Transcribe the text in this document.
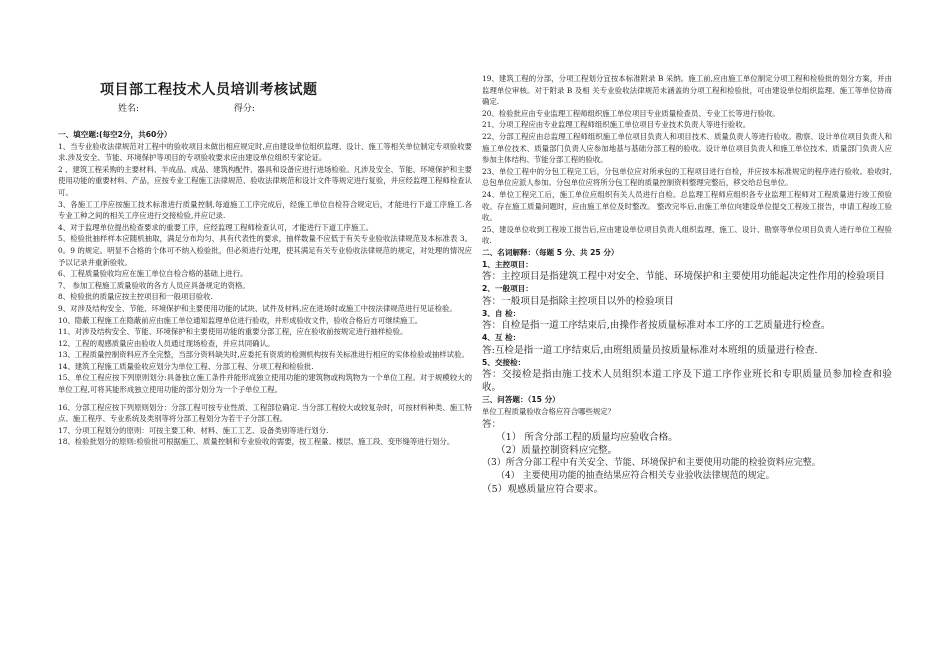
项目部工程技术人员培训考核试题
姓名:	得分:

一、填空题:(每空2分，共60分）

1、当专业验收法律规范对工程中的验收项目未做出相应规定时,应由建设单位组织监理、设计、施工等相关单位制定专项验收要求.涉及安全、节能、环境保护等项目的专项验收要求应由建设单位组织专家论证。

2 、建筑工程采购的主要材料、半成品、成品、建筑构配件、器具和设备应进行进场检验。凡涉及安全、节能、环境保护和主要使用功能的重要材料、产品，应按专业工程施工法律规范、验收法律规范和设计文件等规定进行复验，并应经监理工程师检查认可。

3、各施工工序应按施工技术标准进行质量控制,每道施工工序完成后，经施工单位自检符合规定后，才能进行下道工序施工.各专业工种之间的相关工序应进行交接检验,并应记录.

4、对于监理单位提出检查要求的重要工序，应经监理工程师检查认可，才能进行下道工序施工。

5、检验批抽样样本应随机抽取，满足分布均匀、具有代表性的要求，抽样数量不应低于有关专业验收法律规范及本标准表 3。0。9 的规定。明显不合格的个体可不纳入检验批，但必须进行处理，使其满足有关专业验收法律规范的规定，对处理的情况应予以记录并重新验收。

6、工程质量验收均应在施工单位自检合格的基础上进行。

7、 参加工程施工质量验收的各方人员应具备规定的资格。

8、检验批的质量应按主控项目和一般项目验收.

9、对涉及结构安全、节能、环境保护和主要使用功能的试块、试件及材料,应在进场时或施工中按法律规范进行见证检验。

10、隐蔽工程施工在隐蔽前应由施工单位通知监理单位进行验收，并形成验收文件，验收合格后方可继续施工。

11、对涉及结构安全、节能、环境保护和主要使用功能的重要分部工程，应在验收前按规定进行抽样检验。

12、工程的观感质量应由验收人员通过现场检查，并应共同确认。

13、工程质量控制资料应齐全完整，当部分资料缺失时,应委托有资质的检测机构按有关标准进行相应的实体检验或抽样试验。

14、建筑工程施工质量验收应划分为单位工程、分部工程、分项工程和检验批.

15、单位工程应按下列原则划分:具备独立施工条件并能形成独立使用功能的建筑物或构筑物为一个单位工程。对于规模较大的单位工程,可将其能形成独立使用功能的部分划分为一个子单位工程。

16、分部工程应按下列原则划分：分部工程可按专业性质、工程部位确定. 当分部工程较大或较复杂时，可按材料种类、施工特点、施工程序、专业系统及类别等将分部工程划分为若干子分部工程。

17、分项工程划分的原则：可按主要工种、材料、施工工艺、设备类别等进行划分.

18、检验批划分的原则:检验批可根据施工、质量控制和专业验收的需要，按工程量、楼层、施工段、变形缝等进行划分。

19、建筑工程的分部，分项工程划分宜按本标准附录 B 采纳。施工前,应由施工单位制定分项工程和检验批的划分方案，并由监理单位审核。对于附录 B 及相 关专业验收法律规范未涵盖的分项工程和检验批，可由建设单位组织监理、施工等单位协商确定.

20、检验批应由专业监理工程师组织施工单位项目专业质量检查员、专业工长等进行验收。

21、分项工程应由专业监理工程师组织施工单位项目专业技术负责人等进行验收。

22、分部工程应由总监理工程师组织施工单位项目负责人和项目技术、质量负责人等进行验收。勘察、设计单位项目负责人和施工单位技术、质量部门负责人应参加地基与基础分部工程的验收。设计单位项目负责人和施工单位技术、质量部门负责人应参加主体结构、节能分部工程的验收。

23、单位工程中的分包工程完工后，分包单位应对所承包的工程项目进行自检，并应按本标准规定的程序进行验收。验收时,总包单位应派人参加。分包单位应将所分包工程的质量控制资料整理完整后，移交给总包单位。

24、单位工程完工后，施工单位应组织有关人员进行自检。总监理工程师应组织各专业监理工程师对工程质量进行竣工预验收。存在施工质量问题时，应由施工单位及时整改。 整改完毕后,由施工单位向建设单位提交工程竣工报告，申请工程竣工验收。

25、建设单位收到工程竣工报告后,应由建设单位项目负责人组织监理、施工、设计、勘察等单位项目负责人进行单位工程验收.

二、名词解释：（每题 5 分、共 25 分）

1、主控项目：

答：主控项目是指建筑工程中对安全、节能、环境保护和主要使用功能起决定性作用的检验项目

2、一般项目：

答：一般项目是指除主控项目以外的检验项目

3、自 检：

答：自检是指一道工序结束后,由操作者按质量标准对本工序的工艺质量进行检查。

4、互 检：

答:互检是指一道工序结束后,由班组质量员按质量标准对本班组的质量进行检查.

5、交接检：

答：交接检是指由施工技术人员组织本道工序及下道工序作业班长和专职质量员参加检查和验收。

三、问答题：（15 分）

单位工程质量验收合格应符合哪些规定？

答：

（1） 所含分部工程的质量均应验收合格。

（2）质量控制资料应完整。

（3）所含分部工程中有关安全、节能、环境保护和主要使用功能的检验资料应完整。

（4） 主要使用功能的抽查结果应符合相关专业验收法律规范的规定。

（5）观感质量应符合要求。
